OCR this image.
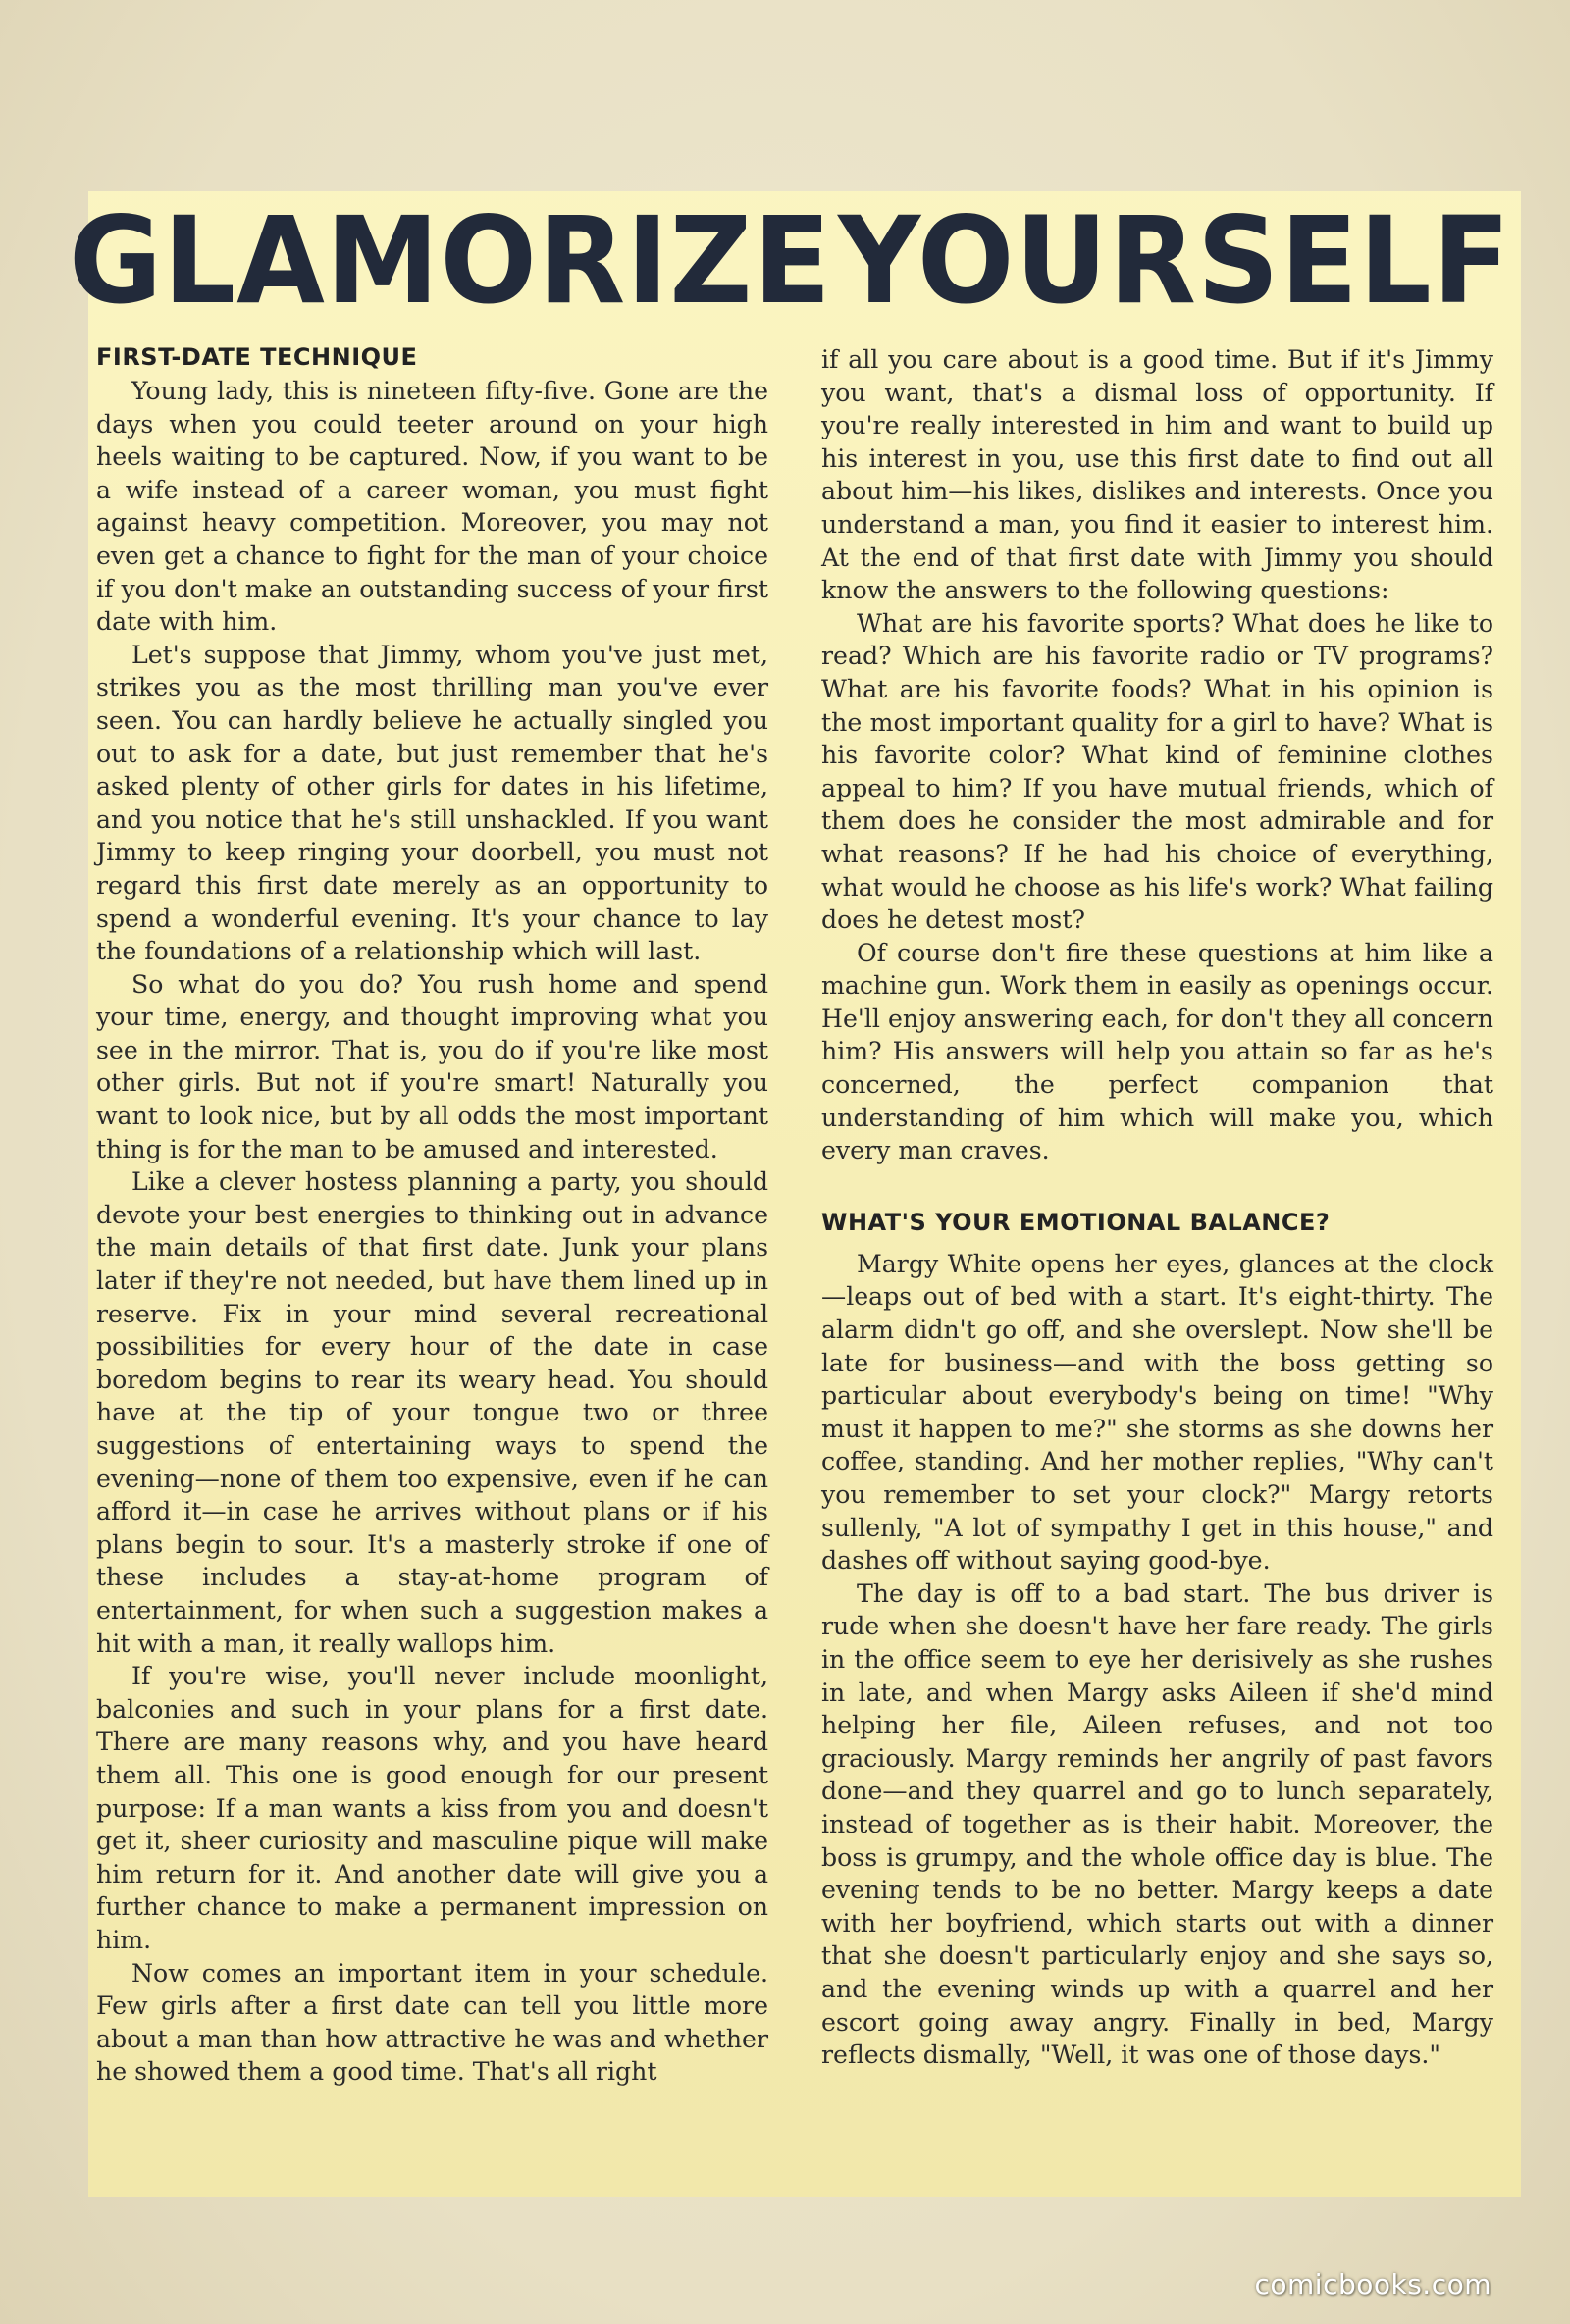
GLAMORIZE YOURSELF
FIRST-DATE TECHNIQUE

Young lady, this is nineteen fifty-five. Gone are the days when you could teeter around on your high heels waiting to be captured. Now, if you want to be a wife instead of a career woman, you must fight against heavy competition. Moreover, you may not even get a chance to fight for the man of your choice if you don't make an outstanding success of your first date with him.

Let's suppose that Jimmy, whom you've just met, strikes you as the most thrilling man you've ever seen. You can hardly believe he actually singled you out to ask for a date, but just remember that he's asked plenty of other girls for dates in his lifetime, and you notice that he's still unshackled. If you want Jimmy to keep ringing your doorbell, you must not regard this first date merely as an opportunity to spend a wonderful evening. It's your chance to lay the foundations of a relationship which will last.

So what do you do? You rush home and spend your time, energy, and thought improving what you see in the mirror. That is, you do if you're like most other girls. But not if you're smart! Naturally you want to look nice, but by all odds the most important thing is for the man to be amused and interested.

Like a clever hostess planning a party, you should devote your best energies to thinking out in advance the main details of that first date. Junk your plans later if they're not needed, but have them lined up in reserve. Fix in your mind several recreational possibilities for every hour of the date in case boredom begins to rear its weary head. You should have at the tip of your tongue two or three suggestions of entertaining ways to spend the evening—none of them too expensive, even if he can afford it—in case he arrives without plans or if his plans begin to sour. It's a masterly stroke if one of these includes a stay-at-home program of entertainment, for when such a suggestion makes a hit with a man, it really wallops him.

If you're wise, you'll never include moonlight, balconies and such in your plans for a first date. There are many reasons why, and you have heard them all. This one is good enough for our present purpose: If a man wants a kiss from you and doesn't get it, sheer curiosity and masculine pique will make him return for it. And another date will give you a further chance to make a permanent impression on him.

Now comes an important item in your schedule. Few girls after a first date can tell you little more about a man than how attractive he was and whether he showed them a good time. That's all right

if all you care about is a good time. But if it's Jimmy you want, that's a dismal loss of opportunity. If you're really interested in him and want to build up his interest in you, use this first date to find out all about him—his likes, dislikes and interests. Once you understand a man, you find it easier to interest him. At the end of that first date with Jimmy you should know the answers to the following questions:

What are his favorite sports? What does he like to read? Which are his favorite radio or TV programs? What are his favorite foods? What in his opinion is the most important quality for a girl to have? What is his favorite color? What kind of feminine clothes appeal to him? If you have mutual friends, which of them does he consider the most admirable and for what reasons? If he had his choice of everything, what would he choose as his life's work? What failing does he detest most?

Of course don't fire these questions at him like a machine gun. Work them in easily as openings occur. He'll enjoy answering each, for don't they all concern him? His answers will help you attain so far as he's concerned, the perfect companion that understanding of him which will make you, which every man craves.

WHAT'S YOUR EMOTIONAL BALANCE?

Margy White opens her eyes, glances at the clock—leaps out of bed with a start. It's eight-thirty. The alarm didn't go off, and she overslept. Now she'll be late for business—and with the boss getting so particular about everybody's being on time! "Why must it happen to me?" she storms as she downs her coffee, standing. And her mother replies, "Why can't you remember to set your clock?" Margy retorts sullenly, "A lot of sympathy I get in this house," and dashes off without saying good-bye.

The day is off to a bad start. The bus driver is rude when she doesn't have her fare ready. The girls in the office seem to eye her derisively as she rushes in late, and when Margy asks Aileen if she'd mind helping her file, Aileen refuses, and not too graciously. Margy reminds her angrily of past favors done—and they quarrel and go to lunch separately, instead of together as is their habit. Moreover, the boss is grumpy, and the whole office day is blue. The evening tends to be no better. Margy keeps a date with her boyfriend, which starts out with a dinner that she doesn't particularly enjoy and she says so, and the evening winds up with a quarrel and her escort going away angry. Finally in bed, Margy reflects dismally, "Well, it was one of those days."

comicbooks.com
